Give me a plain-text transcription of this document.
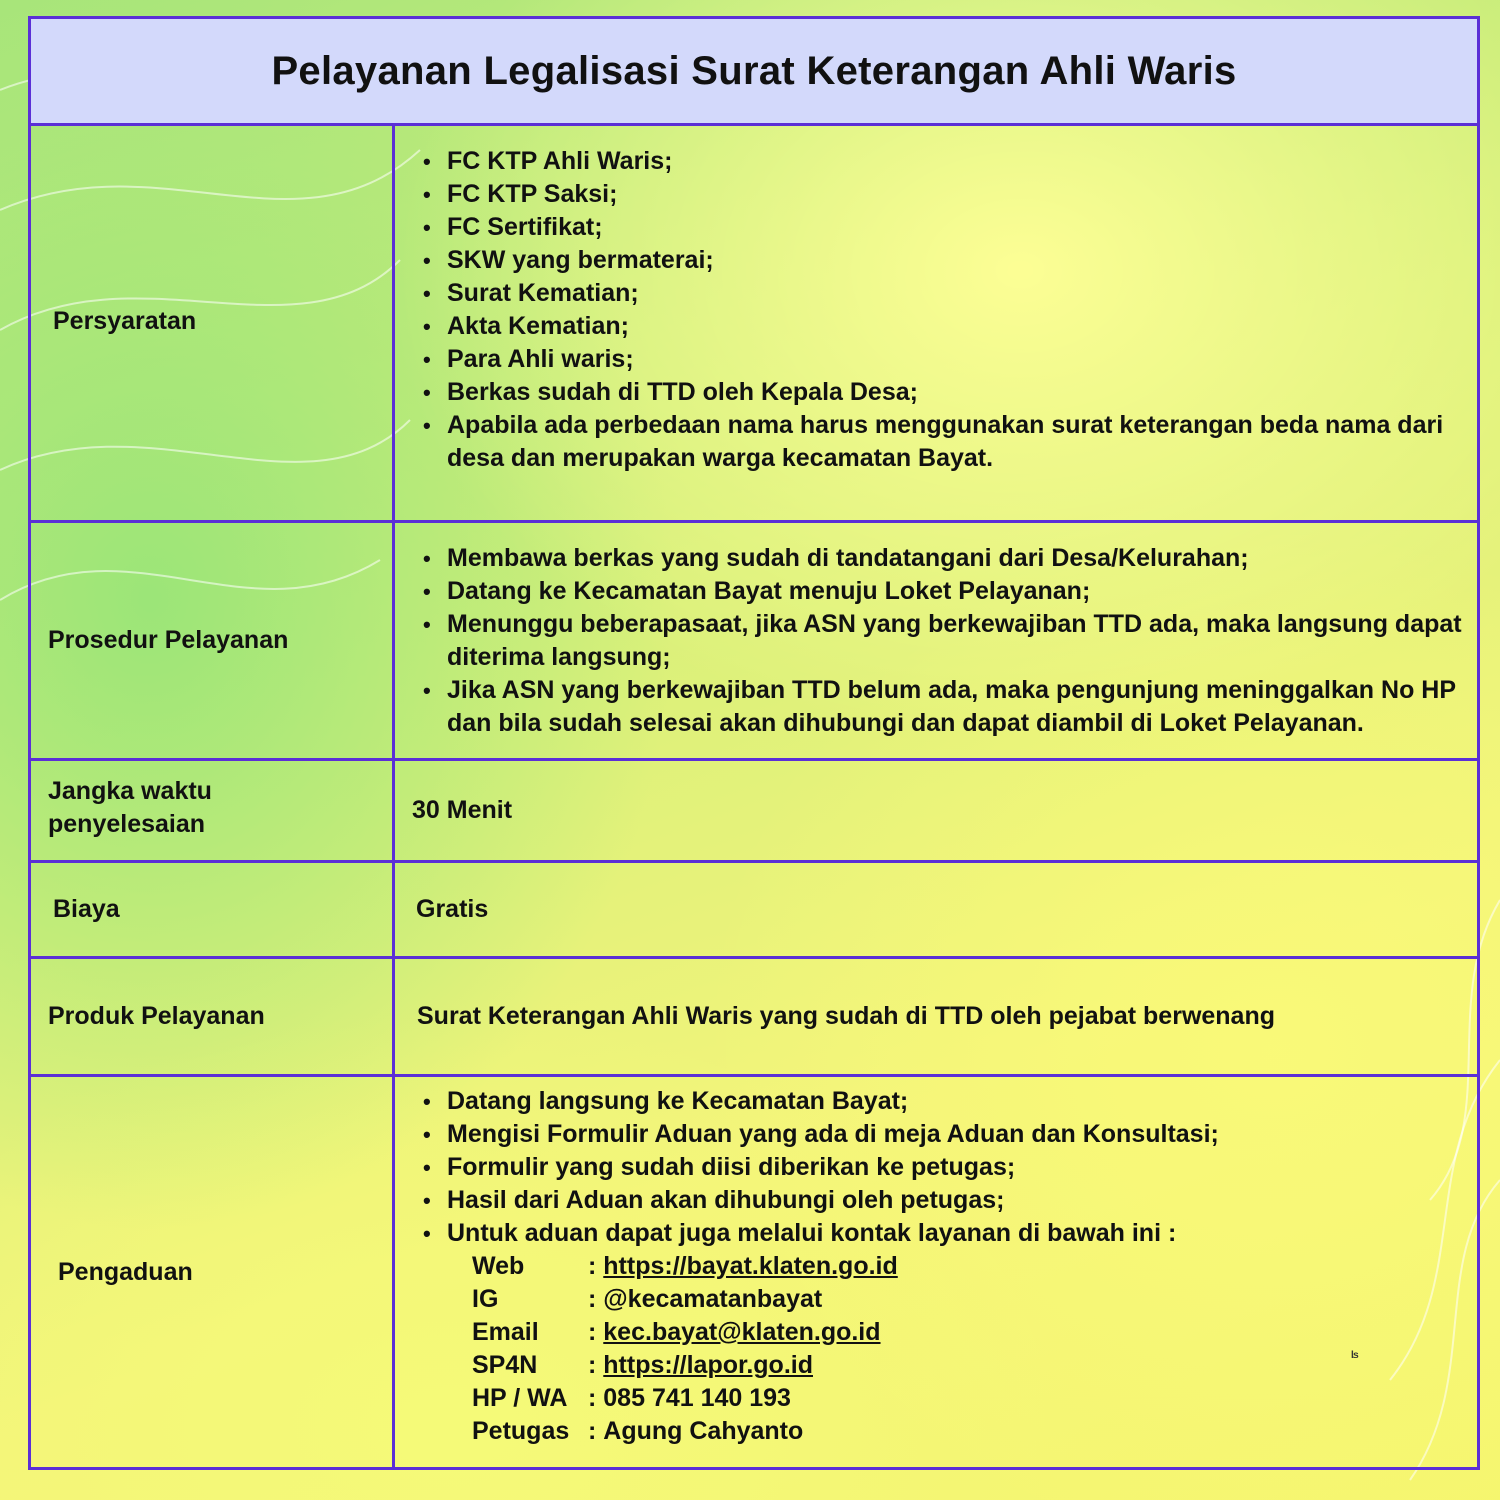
Pelayanan Legalisasi Surat Keterangan Ahli Waris
Persyaratan
• FC KTP Ahli Waris;
• FC KTP Saksi;
• FC Sertifikat;
• SKW yang bermaterai;
• Surat Kematian;
• Akta Kematian;
• Para Ahli waris;
• Berkas sudah di TTD oleh Kepala Desa;
• Apabila ada perbedaan nama harus menggunakan surat keterangan beda nama dari desa dan merupakan warga kecamatan Bayat.
Prosedur Pelayanan
• Membawa berkas yang sudah di tandatangani dari Desa/Kelurahan;
• Datang ke Kecamatan Bayat menuju Loket Pelayanan;
• Menunggu beberapasaat, jika ASN yang berkewajiban TTD ada, maka langsung dapat diterima langsung;
• Jika ASN yang berkewajiban TTD belum ada, maka pengunjung meninggalkan No HP dan bila sudah selesai akan dihubungi dan dapat diambil di Loket Pelayanan.
Jangka waktu
penyelesaian	30 Menit
Biaya	Gratis
Produk Pelayanan	Surat Keterangan Ahli Waris yang sudah di TTD oleh pejabat berwenang
Pengaduan
• Datang langsung ke Kecamatan Bayat;
• Mengisi Formulir Aduan yang ada di meja Aduan dan Konsultasi;
• Formulir yang sudah diisi diberikan ke petugas;
• Hasil dari Aduan akan dihubungi oleh petugas;
• Untuk aduan dapat juga melalui kontak layanan di bawah ini :
Web	: https://bayat.klaten.go.id
IG	: @kecamatanbayat
Email	: kec.bayat@klaten.go.id
SP4N	: https://lapor.go.id
HP / WA : 085 741 140 193
Petugas : Agung Cahyanto
ʪ
